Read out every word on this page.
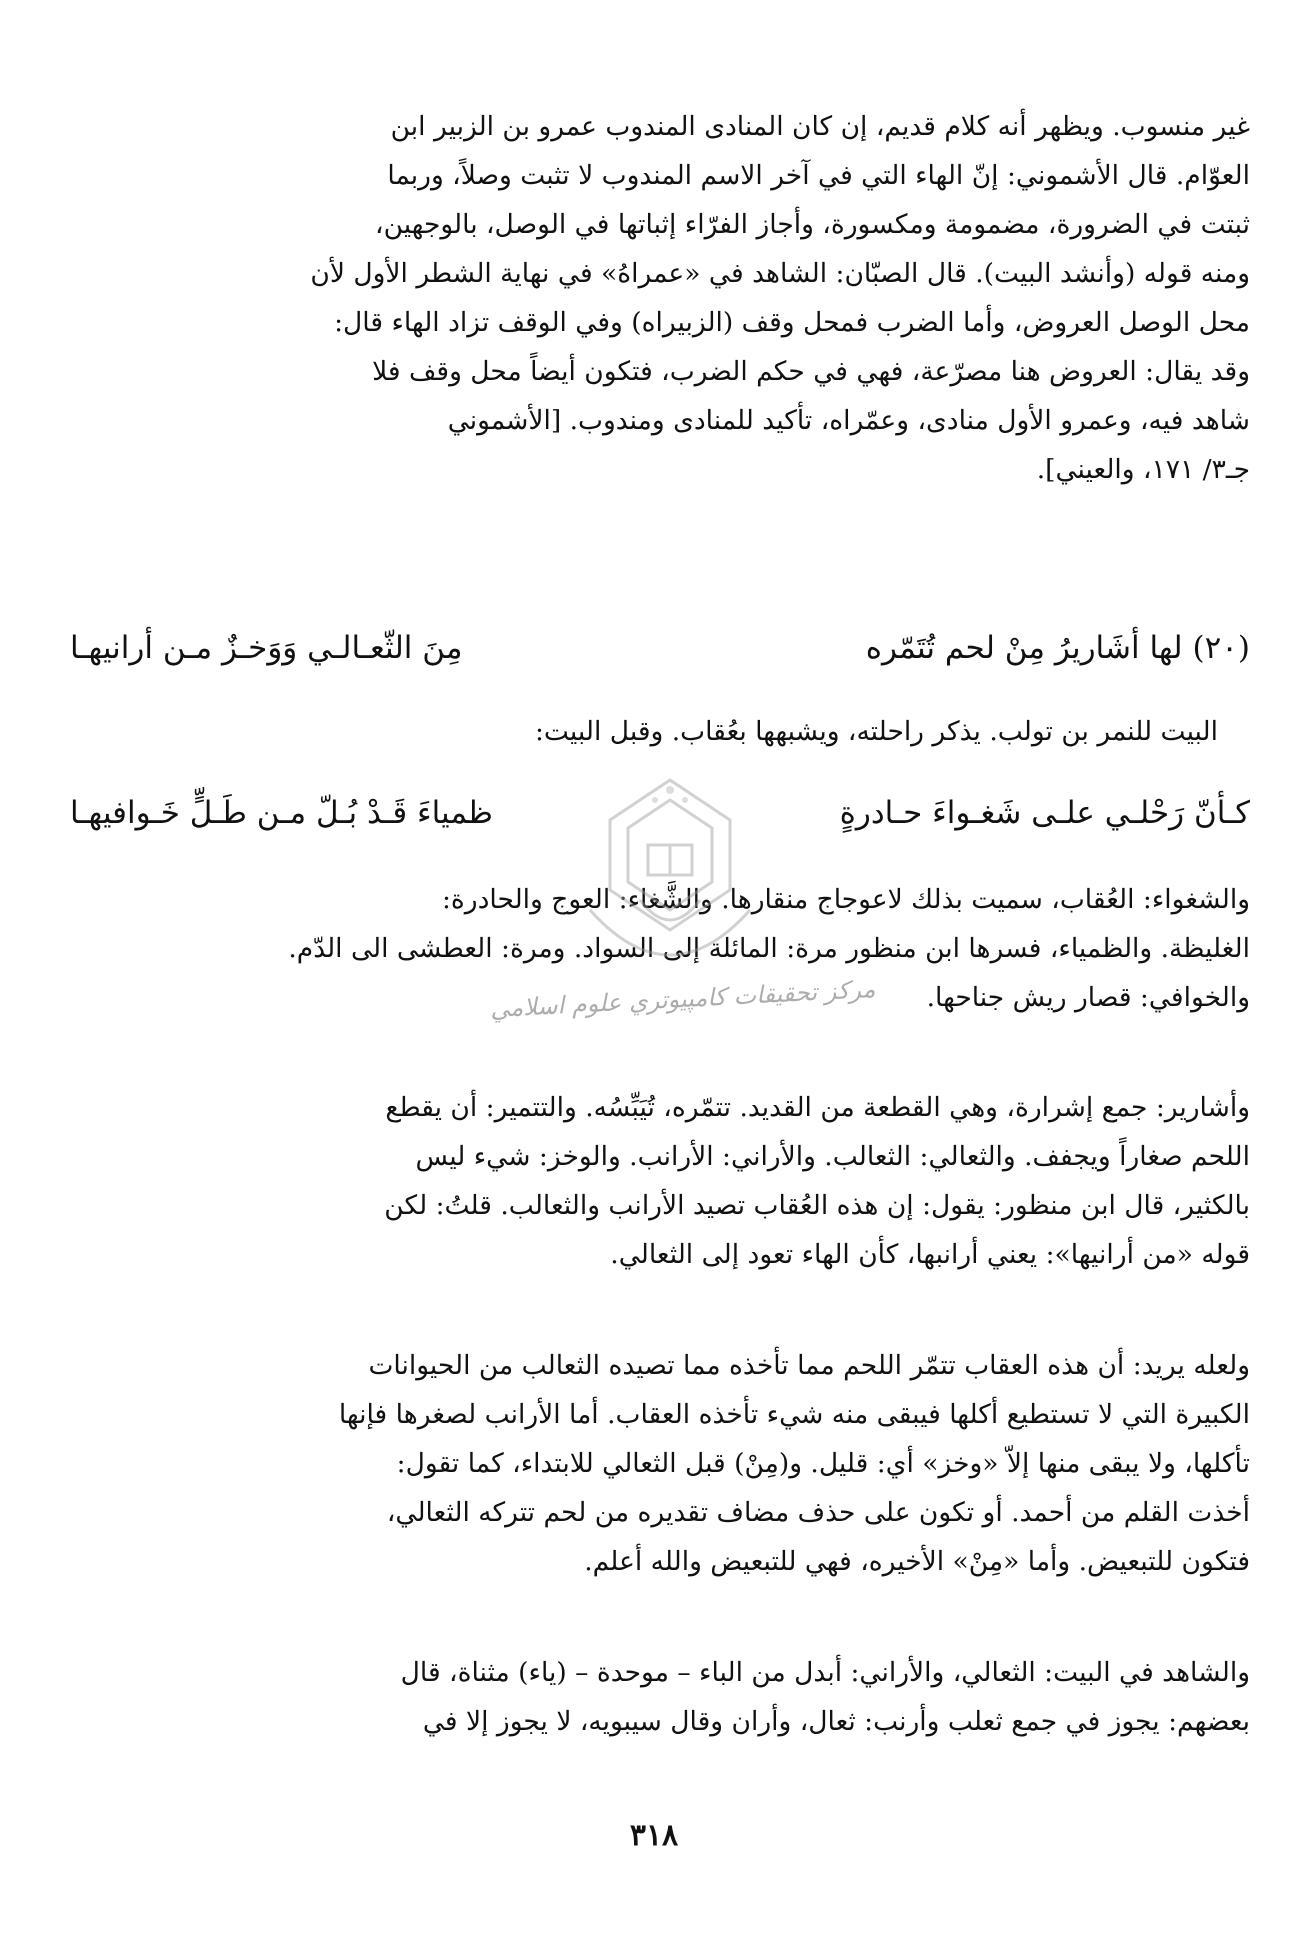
غير منسوب. ويظهر أنه كلام قديم، إن كان المنادى المندوب عمرو بن الزبير ابن
العوّام. قال الأشموني: إنّ الهاء التي في آخر الاسم المندوب لا تثبت وصلاً، وربما
ثبتت في الضرورة، مضمومة ومكسورة، وأجاز الفرّاء إثباتها في الوصل، بالوجهين،
ومنه قوله (وأنشد البيت). قال الصبّان: الشاهد في «عمراهُ» في نهاية الشطر الأول لأن
محل الوصل العروض، وأما الضرب فمحل وقف (الزبيراه) وفي الوقف تزاد الهاء قال:
وقد يقال: العروض هنا مصرّعة، فهي في حكم الضرب، فتكون أيضاً محل وقف فلا
شاهد فيه، وعمرو الأول منادى، وعمّراه، تأكيد للمنادى ومندوب. [الأشموني
جـ٣/ ١٧١، والعيني].
(٢٠) لها أشَاريرُ مِنْ لحم تُتَمّره
مِنَ الثّعـالـي وَوَخـزٌ مـن أرانيهـا
البيت للنمر بن تولب. يذكر راحلته، ويشبهها بعُقاب. وقبل البيت:
كـأنّ رَحْلـي علـى شَغـواءَ حـادرةٍ
ظمياءَ قَـدْ بُـلّ مـن طَـلٍّ خَـوافيهـا
والشغواء: العُقاب، سميت بذلك لاعوجاج منقارها. والشَّغاء: العوج والحادرة:
الغليظة. والظمياء، فسرها ابن منظور مرة: المائلة إلى السواد. ومرة: العطشى الى الدّم.
والخوافي: قصار ريش جناحها.
وأشارير: جمع إشرارة، وهي القطعة من القديد. تتمّره، تُيَبِّسُه. والتتمير: أن يقطع
اللحم صغاراً ويجفف. والثعالي: الثعالب. والأراني: الأرانب. والوخز: شيء ليس
بالكثير، قال ابن منظور: يقول: إن هذه العُقاب تصيد الأرانب والثعالب. قلتُ: لكن
قوله «من أرانيها»: يعني أرانبها، كأن الهاء تعود إلى الثعالي.
ولعله يريد: أن هذه العقاب تتمّر اللحم مما تأخذه مما تصيده الثعالب من الحيوانات
الكبيرة التي لا تستطيع أكلها فيبقى منه شيء تأخذه العقاب. أما الأرانب لصغرها فإنها
تأكلها، ولا يبقى منها إلاّ «وخز» أي: قليل. و(مِنْ) قبل الثعالي للابتداء، كما تقول:
أخذت القلم من أحمد. أو تكون على حذف مضاف تقديره من لحم تتركه الثعالي،
فتكون للتبعيض. وأما «مِنْ» الأخيره، فهي للتبعيض والله أعلم.
والشاهد في البيت: الثعالي، والأراني: أبدل من الباء – موحدة – (ياء) مثناة، قال
بعضهم: يجوز في جمع ثعلب وأرنب: ثعال، وأران وقال سيبويه، لا يجوز إلا في
٣١٨
مركز تحقيقات كامپيوتري علوم اسلامي
